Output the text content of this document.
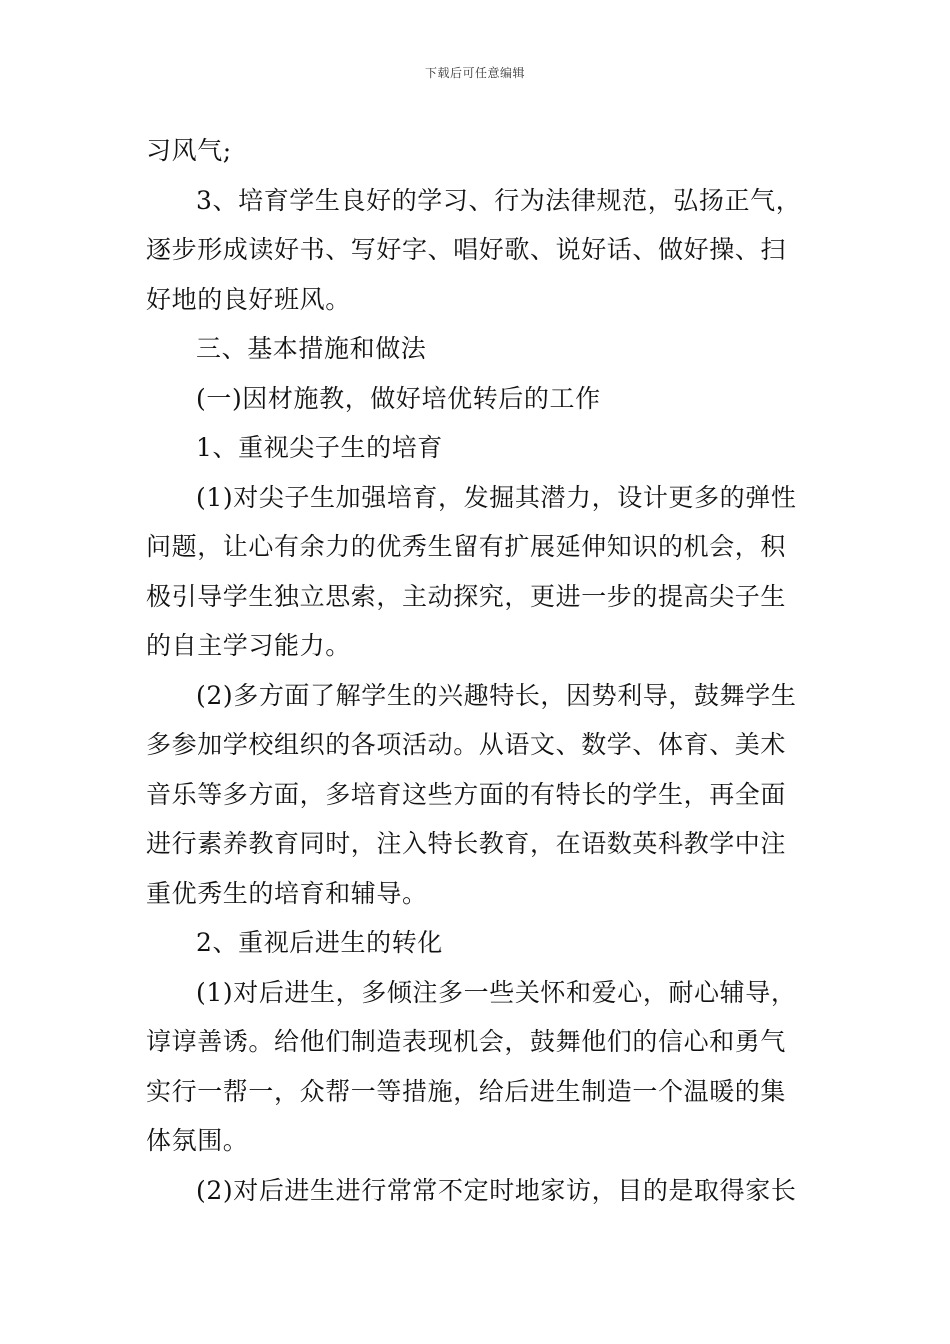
下载后可任意编辑
习风气;
3、培育学生良好的学习、行为法律规范，弘扬正气，
逐步形成读好书、写好字、唱好歌、说好话、做好操、扫
好地的良好班风。
三、基本措施和做法
(一)因材施教，做好培优转后的工作
1、重视尖子生的培育
(1)对尖子生加强培育，发掘其潜力，设计更多的弹性
问题，让心有余力的优秀生留有扩展延伸知识的机会，积
极引导学生独立思索，主动探究，更进一步的提高尖子生
的自主学习能力。
(2)多方面了解学生的兴趣特长，因势利导，鼓舞学生
多参加学校组织的各项活动。从语文、数学、体育、美术
音乐等多方面，多培育这些方面的有特长的学生，再全面
进行素养教育同时，注入特长教育，在语数英科教学中注
重优秀生的培育和辅导。
2、重视后进生的转化
(1)对后进生，多倾注多一些关怀和爱心，耐心辅导，
谆谆善诱。给他们制造表现机会，鼓舞他们的信心和勇气
实行一帮一，众帮一等措施，给后进生制造一个温暖的集
体氛围。
(2)对后进生进行常常不定时地家访，目的是取得家长
